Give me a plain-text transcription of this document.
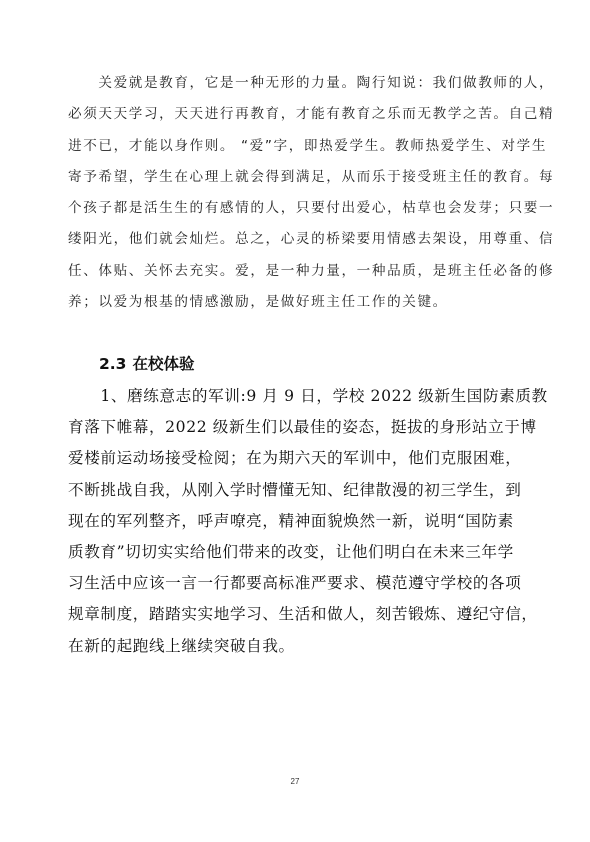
　　关爱就是教育，它是一种无形的力量。陶行知说：我们做教师的人，
必须天天学习，天天进行再教育，才能有教育之乐而无教学之苦。自己精
进不已，才能以身作则。 “爱”字，即热爱学生。教师热爱学生、对学生
寄予希望，学生在心理上就会得到满足，从而乐于接受班主任的教育。每
个孩子都是活生生的有感情的人，只要付出爱心，枯草也会发芽；只要一
缕阳光，他们就会灿烂。总之，心灵的桥梁要用情感去架设，用尊重、信
任、体贴、关怀去充实。爱，是一种力量，一种品质，是班主任必备的修
养；以爱为根基的情感激励，是做好班主任工作的关键。

2.3 在校体验

　　1、磨练意志的军训:9 月 9 日，学校 2022 级新生国防素质教
育落下帷幕，2022 级新生们以最佳的姿态，挺拔的身形站立于博
爱楼前运动场接受检阅；在为期六天的军训中，他们克服困难，
不断挑战自我，从刚入学时懵懂无知、纪律散漫的初三学生，到
现在的军列整齐，呼声嘹亮，精神面貌焕然一新，说明“国防素
质教育”切切实实给他们带来的改变，让他们明白在未来三年学
习生活中应该一言一行都要高标准严要求、模范遵守学校的各项
规章制度，踏踏实实地学习、生活和做人，刻苦锻炼、遵纪守信，
在新的起跑线上继续突破自我。

27
